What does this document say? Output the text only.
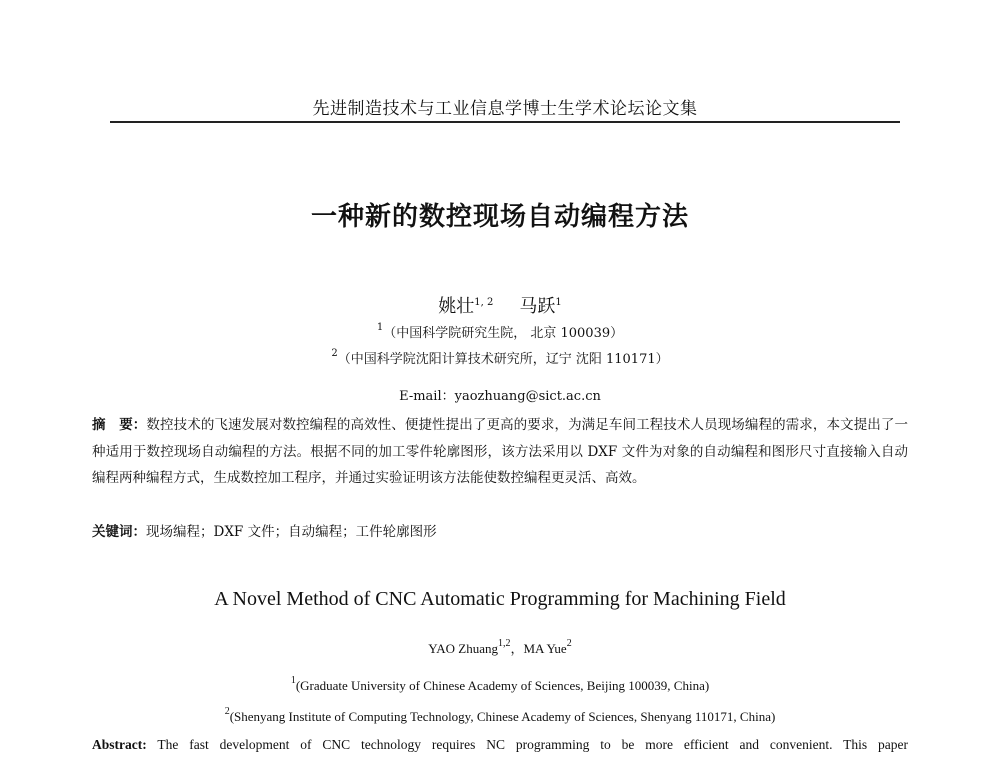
先进制造技术与工业信息学博士生学术论坛论文集
一种新的数控现场自动编程方法
姚壮$^{1, 2}$ 马跃$^1$
$^1$（中国科学院研究生院， 北京 100039）
$^2$（中国科学院沈阳计算技术研究所，辽宁 沈阳 110171）
E-mail：yaozhuang@sict.ac.cn
摘　要：数控技术的飞速发展对数控编程的高效性、便捷性提出了更高的要求，为满足车间工程技术人员现场编程的需求，本文提出了一种适用于数控现场自动编程的方法。根据不同的加工零件轮廓图形，该方法采用以 DXF 文件为对象的自动编程和图形尺寸直接输入自动编程两种编程方式，生成数控加工程序，并通过实验证明该方法能使数控编程更灵活、高效。
关键词：现场编程；DXF 文件；自动编程；工件轮廓图形
A Novel Method of CNC Automatic Programming for Machining Field
YAO Zhuang$^{1,2}$，MA Yue$^2$
$^1$(Graduate University of Chinese Academy of Sciences, Beijing 100039, China)
$^2$(Shenyang Institute of Computing Technology, Chinese Academy of Sciences, Shenyang 110171, China)
Abstract: The fast development of CNC technology requires NC programming to be more efficient and convenient. This paper
